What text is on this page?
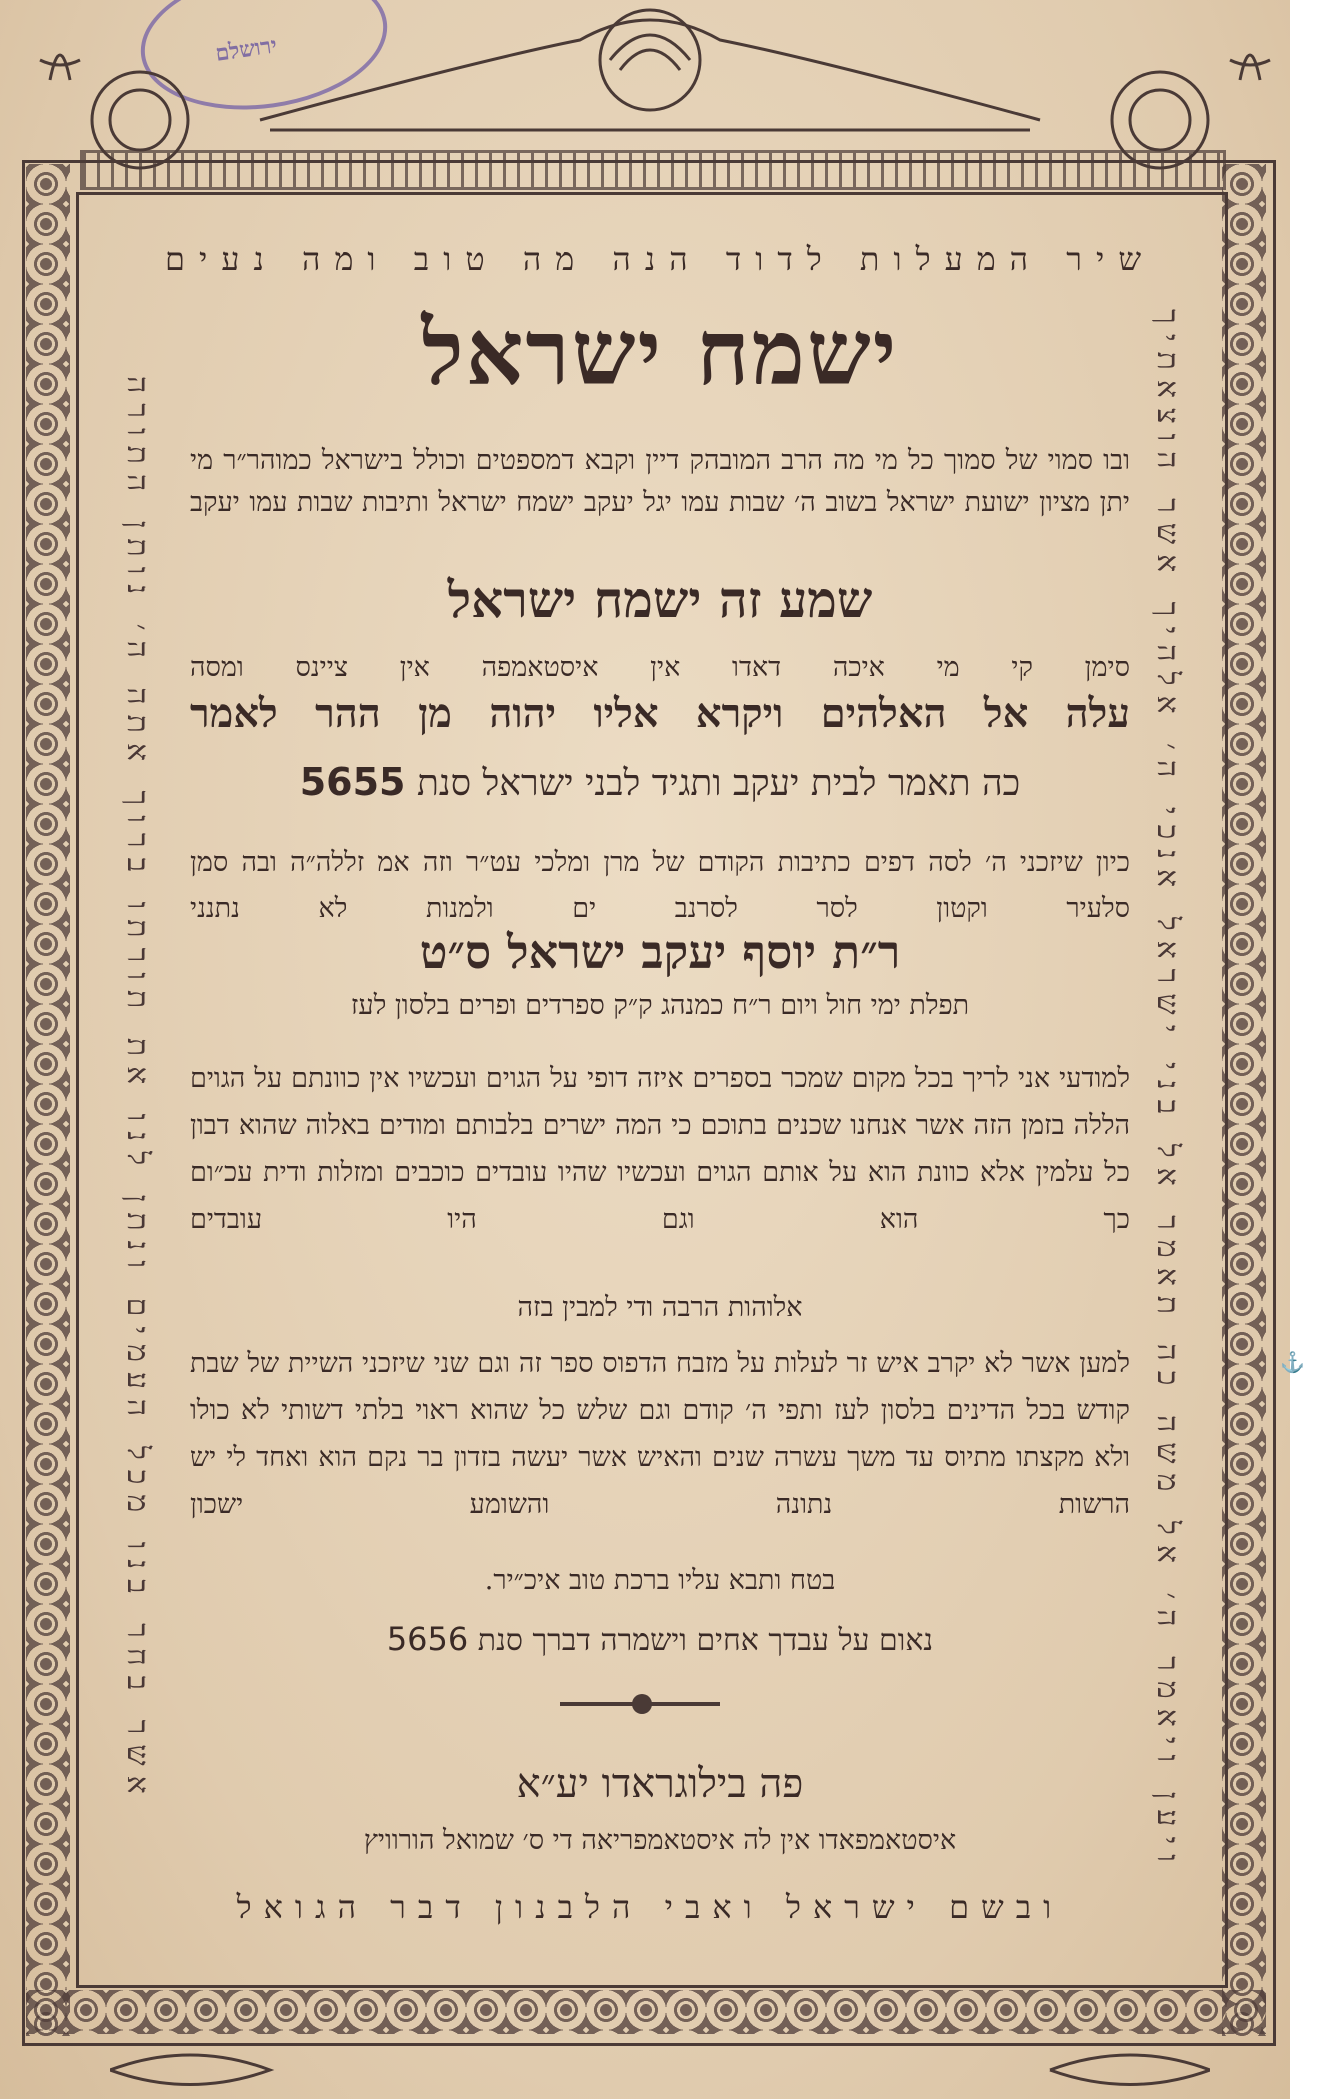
ירושלם
ויען ויאמר ה׳ אל משה כה תאמר אל בני ישראל אנכי ה׳ אלהיך אשר הוצאתיך
אשר בחר בנו מכל העמים ונתן לנו את תורתו ברוך אתה ה׳ נותן התורה
שיר המעלות לדוד הנה מה טוב ומה נעים
ישמח ישראל
ובו סמוי של סמוך כל מי מה הרב המובהק דיין וקבא דמספטים וכולל בישראל כמוהר״ר מי יתן מציון ישועת ישראל בשוב ה׳ שבות עמו יגל יעקב ישמח ישראל ותיבות שבות עמו יעקב
שמע זה ישמח ישראל
סימן קי מי איכה דאדו אין איסטאמפה אין ציינס ומסה
עלה אל האלהים ויקרא אליו יהוה מן ההר לאמר
כה תאמר לבית יעקב ותגיד לבני ישראל סנת 5655
כיון שיזכני ה׳ לסה דפים כתיבות הקודם של מרן ומלכי עט״ר וזה אמ זללה״ה ובה סמן סלעיר וקטון לסר לסרנב ים ולמנות לא נתנני
ר״ת יוסף יעקב ישראל ס״ט
תפלת ימי חול ויום ר״ח כמנהג ק״ק ספרדים ופרים בלסון לעז
למודעי אני לריך בכל מקום שמכר בספרים איזה דופי על הגוים ועכשיו אין כוונתם על הגוים הללה בזמן הזה אשר אנחנו שכנים בתוכם כי המה ישרים בלבותם ומודים באלוה שהוא דבון כל עלמין אלא כוונת הוא על אותם הגוים ועכשיו שהיו עובדים כוכבים ומזלות ודית עכ״ום כך הוא וגם היו עובדים
אלוהות הרבה ודי למבין בזה
למען אשר לא יקרב איש זר לעלות על מזבח הדפוס ספר זה וגם שני שיזכני השיית של שבת קודש בכל הדינים בלסון לעז ותפי ה׳ קודם וגם שלש כל שהוא ראוי בלתי דשותי לא כולו ולא מקצתו מתיוס עד משך עשרה שנים והאיש אשר יעשה בזדון בר נקם הוא ואחד לי יש הרשות נתונה והשומע ישכון
בטח ותבא עליו ברכת טוב איכ״יר.
נאום על עבדך אחים וישמרה דברך סנת 5656
פה בילוגראדו יע״א
איסטאמפאדו אין לה איסטאמפריאה די ס׳ שמואל הורוויץ
ובשם ישראל ואבי הלבנון דבר הגואל
⚓
